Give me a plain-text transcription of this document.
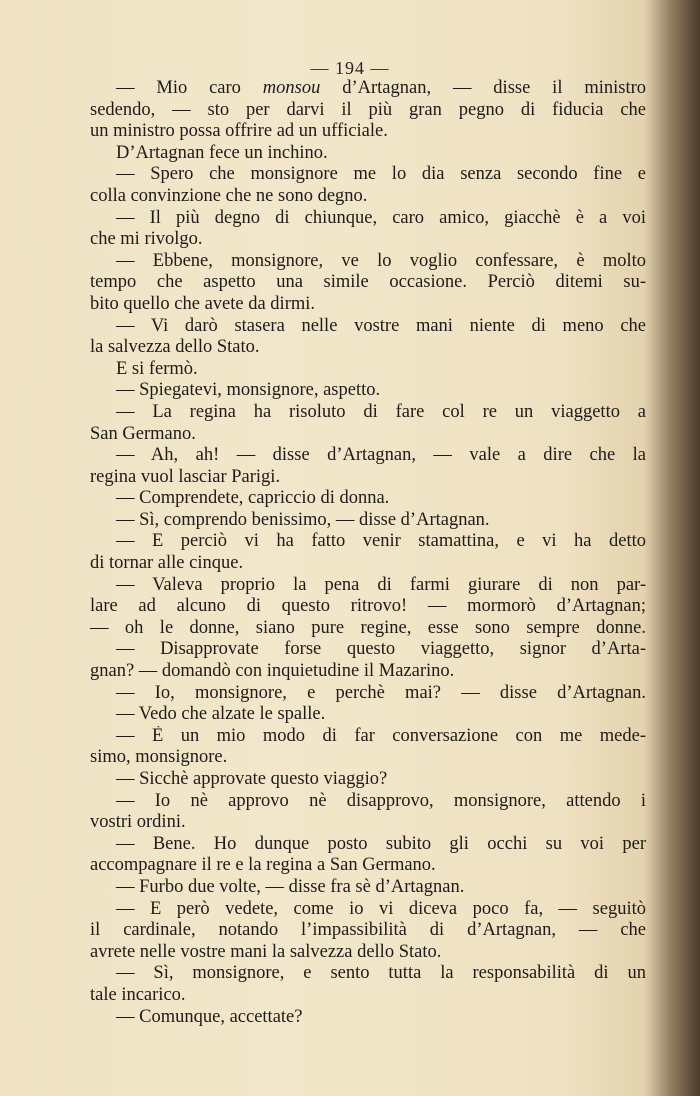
— 194 —
— Mio caro monsou d’Artagnan, — disse il ministro
sedendo, — sto per darvi il più gran pegno di fiducia che
un ministro possa offrire ad un ufficiale.
D’Artagnan fece un inchino.
— Spero che monsignore me lo dia senza secondo fine e
colla convinzione che ne sono degno.
— Il più degno di chiunque, caro amico, giacchè è a voi
che mi rivolgo.
— Ebbene, monsignore, ve lo voglio confessare, è molto
tempo che aspetto una simile occasione. Perciò ditemi su-
bito quello che avete da dirmi.
— Vi darò stasera nelle vostre mani niente di meno che
la salvezza dello Stato.
E si fermò.
— Spiegatevi, monsignore, aspetto.
— La regina ha risoluto di fare col re un viaggetto a
San Germano.
— Ah, ah! — disse d’Artagnan, — vale a dire che la
regina vuol lasciar Parigi.
— Comprendete, capriccio di donna.
— Sì, comprendo benissimo, — disse d’Artagnan.
— E perciò vi ha fatto venir stamattina, e vi ha detto
di tornar alle cinque.
— Valeva proprio la pena di farmi giurare di non par-
lare ad alcuno di questo ritrovo! — mormorò d’Artagnan;
— oh le donne, siano pure regine, esse sono sempre donne.
— Disapprovate forse questo viaggetto, signor d’Arta-
gnan? — domandò con inquietudine il Mazarino.
— Io, monsignore, e perchè mai? — disse d’Artagnan.
— Vedo che alzate le spalle.
— È un mio modo di far conversazione con me mede-
simo, monsignore.
— Sicchè approvate questo viaggio?
— Io nè approvo nè disapprovo, monsignore, attendo i
vostri ordini.
— Bene. Ho dunque posto subito gli occhi su voi per
accompagnare il re e la regina a San Germano.
— Furbo due volte, — disse fra sè d’Artagnan.
— E però vedete, come io vi diceva poco fa, — seguitò
il cardinale, notando l’impassibilità di d’Artagnan, — che
avrete nelle vostre mani la salvezza dello Stato.
— Sì, monsignore, e sento tutta la responsabilità di un
tale incarico.
— Comunque, accettate?
